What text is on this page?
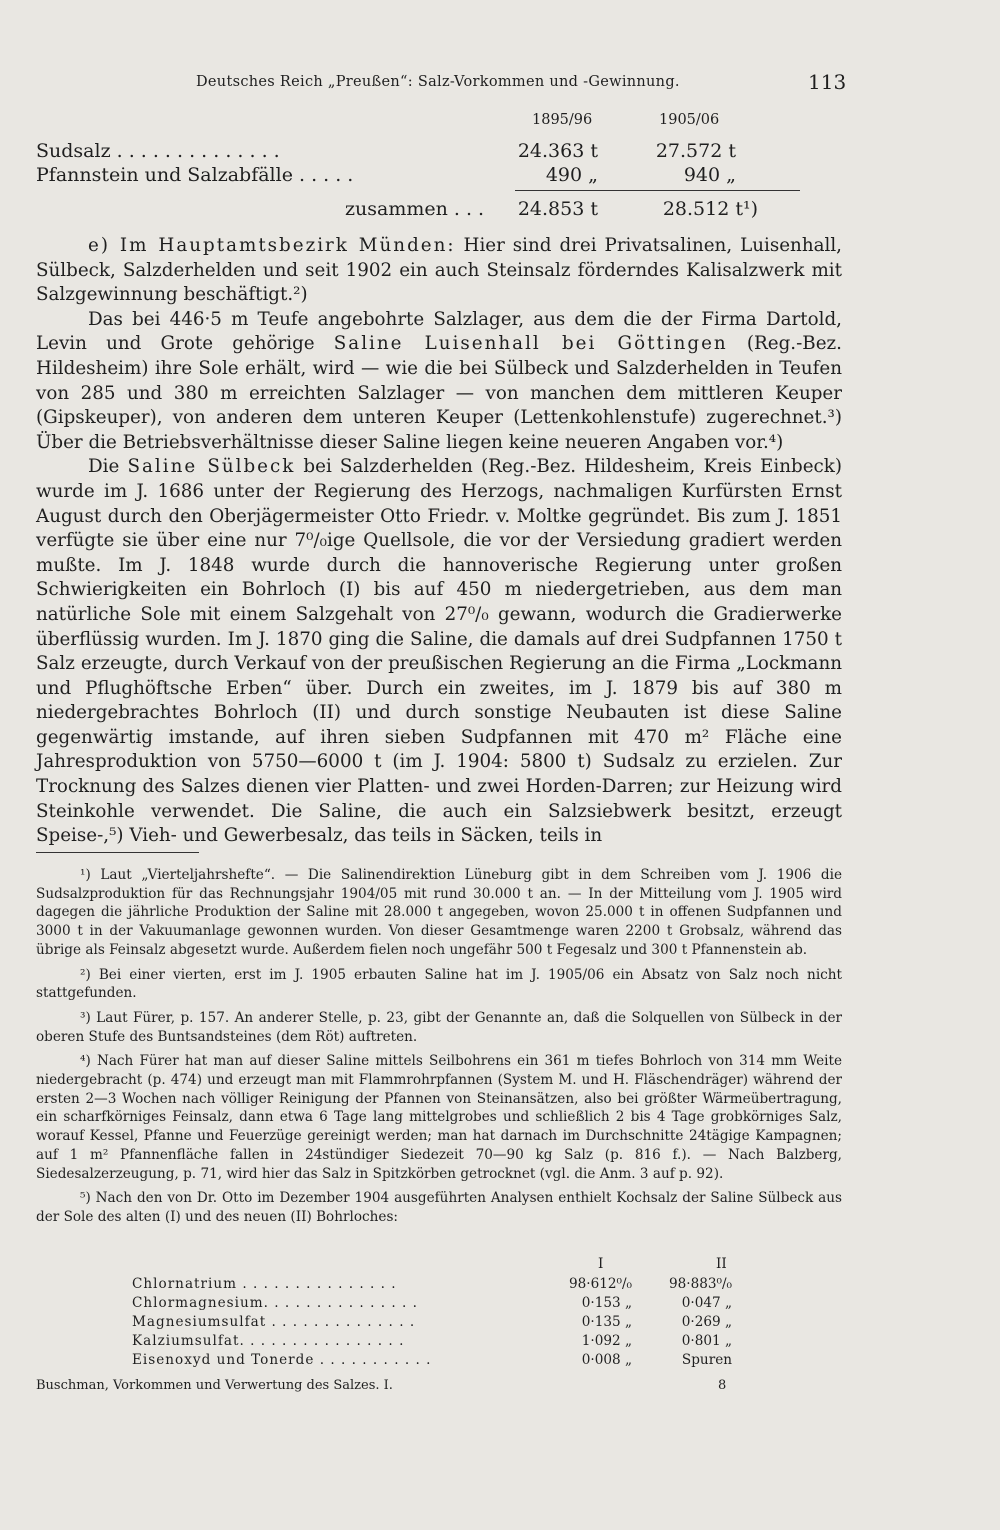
Deutsches Reich „Preußen“: Salz-Vorkommen und -Gewinnung.	113
1895/96	1905/06
Sudsalz . . . . . . . . . . . . . .	24.363 t	27.572 t
Pfannstein und Salzabfälle . . . . .	490 „	940 „
zusammen . . .	24.853 t	28.512 t¹)

e) Im Hauptamtsbezirk Münden: Hier sind drei Privatsalinen, Luisenhall, Sülbeck, Salzderhelden und seit 1902 ein auch Steinsalz förderndes Kalisalzwerk mit Salzgewinnung beschäftigt.²)

Das bei 446·5 m Teufe angebohrte Salzlager, aus dem die der Firma Dartold, Levin und Grote gehörige Saline Luisenhall bei Göttingen (Reg.-Bez. Hildesheim) ihre Sole erhält, wird — wie die bei Sülbeck und Salzderhelden in Teufen von 285 und 380 m erreichten Salzlager — von manchen dem mittleren Keuper (Gipskeuper), von anderen dem unteren Keuper (Lettenkohlenstufe) zugerechnet.³) Über die Betriebsverhältnisse dieser Saline liegen keine neueren Angaben vor.⁴)

Die Saline Sülbeck bei Salzderhelden (Reg.-Bez. Hildesheim, Kreis Einbeck) wurde im J. 1686 unter der Regierung des Herzogs, nachmaligen Kurfürsten Ernst August durch den Oberjägermeister Otto Friedr. v. Moltke gegründet. Bis zum J. 1851 verfügte sie über eine nur 7⁰/₀ige Quellsole, die vor der Versiedung gradiert werden mußte. Im J. 1848 wurde durch die hannoverische Regierung unter großen Schwierigkeiten ein Bohrloch (I) bis auf 450 m niedergetrieben, aus dem man natürliche Sole mit einem Salzgehalt von 27⁰/₀ gewann, wodurch die Gradierwerke überflüssig wurden. Im J. 1870 ging die Saline, die damals auf drei Sudpfannen 1750 t Salz erzeugte, durch Verkauf von der preußischen Regierung an die Firma „Lockmann und Pflughöftsche Erben“ über. Durch ein zweites, im J. 1879 bis auf 380 m niedergebrachtes Bohrloch (II) und durch sonstige Neubauten ist diese Saline gegenwärtig imstande, auf ihren sieben Sudpfannen mit 470 m² Fläche eine Jahresproduktion von 5750—6000 t (im J. 1904: 5800 t) Sudsalz zu erzielen. Zur Trocknung des Salzes dienen vier Platten- und zwei Horden-Darren; zur Heizung wird Steinkohle verwendet. Die Saline, die auch ein Salzsiebwerk besitzt, erzeugt Speise-,⁵) Vieh- und Gewerbesalz, das teils in Säcken, teils in

¹) Laut „Vierteljahrshefte“. — Die Salinendirektion Lüneburg gibt in dem Schreiben vom J. 1906 die Sudsalzproduktion für das Rechnungsjahr 1904/05 mit rund 30.000 t an. — In der Mitteilung vom J. 1905 wird dagegen die jährliche Produktion der Saline mit 28.000 t angegeben, wovon 25.000 t in offenen Sudpfannen und 3000 t in der Vakuumanlage gewonnen wurden. Von dieser Gesamtmenge waren 2200 t Grobsalz, während das übrige als Feinsalz abgesetzt wurde. Außerdem fielen noch ungefähr 500 t Fegesalz und 300 t Pfannenstein ab.

²) Bei einer vierten, erst im J. 1905 erbauten Saline hat im J. 1905/06 ein Absatz von Salz noch nicht stattgefunden.

³) Laut Fürer, p. 157. An anderer Stelle, p. 23, gibt der Genannte an, daß die Solquellen von Sülbeck in der oberen Stufe des Buntsandsteines (dem Röt) auftreten.

⁴) Nach Fürer hat man auf dieser Saline mittels Seilbohrens ein 361 m tiefes Bohrloch von 314 mm Weite niedergebracht (p. 474) und erzeugt man mit Flammrohrpfannen (System M. und H. Fläschendräger) während der ersten 2—3 Wochen nach völliger Reinigung der Pfannen von Steinansätzen, also bei größter Wärmeübertragung, ein scharfkörniges Feinsalz, dann etwa 6 Tage lang mittelgrobes und schließlich 2 bis 4 Tage grobkörniges Salz, worauf Kessel, Pfanne und Feuerzüge gereinigt werden; man hat darnach im Durchschnitte 24tägige Kampagnen; auf 1 m² Pfannenfläche fallen in 24stündiger Siedezeit 70—90 kg Salz (p. 816 f.). — Nach Balzberg, Siedesalzerzeugung, p. 71, wird hier das Salz in Spitzkörben getrocknet (vgl. die Anm. 3 auf p. 92).

⁵) Nach den von Dr. Otto im Dezember 1904 ausgeführten Analysen enthielt Kochsalz der Saline Sülbeck aus der Sole des alten (I) und des neuen (II) Bohrloches:

I	II
Chlornatrium . . . . . . . . . . . . . . .	98·612⁰/₀	98·883⁰/₀
Chlormagnesium. . . . . . . . . . . . . . .	0·153 „	0·047 „
Magnesiumsulfat . . . . . . . . . . . . . .	0·135 „	0·269 „
Kalziumsulfat. . . . . . . . . . . . . . . .	1·092 „	0·801 „
Eisenoxyd und Tonerde . . . . . . . . . . .	0·008 „	Spuren
Buschman, Vorkommen und Verwertung des Salzes. I.	8
